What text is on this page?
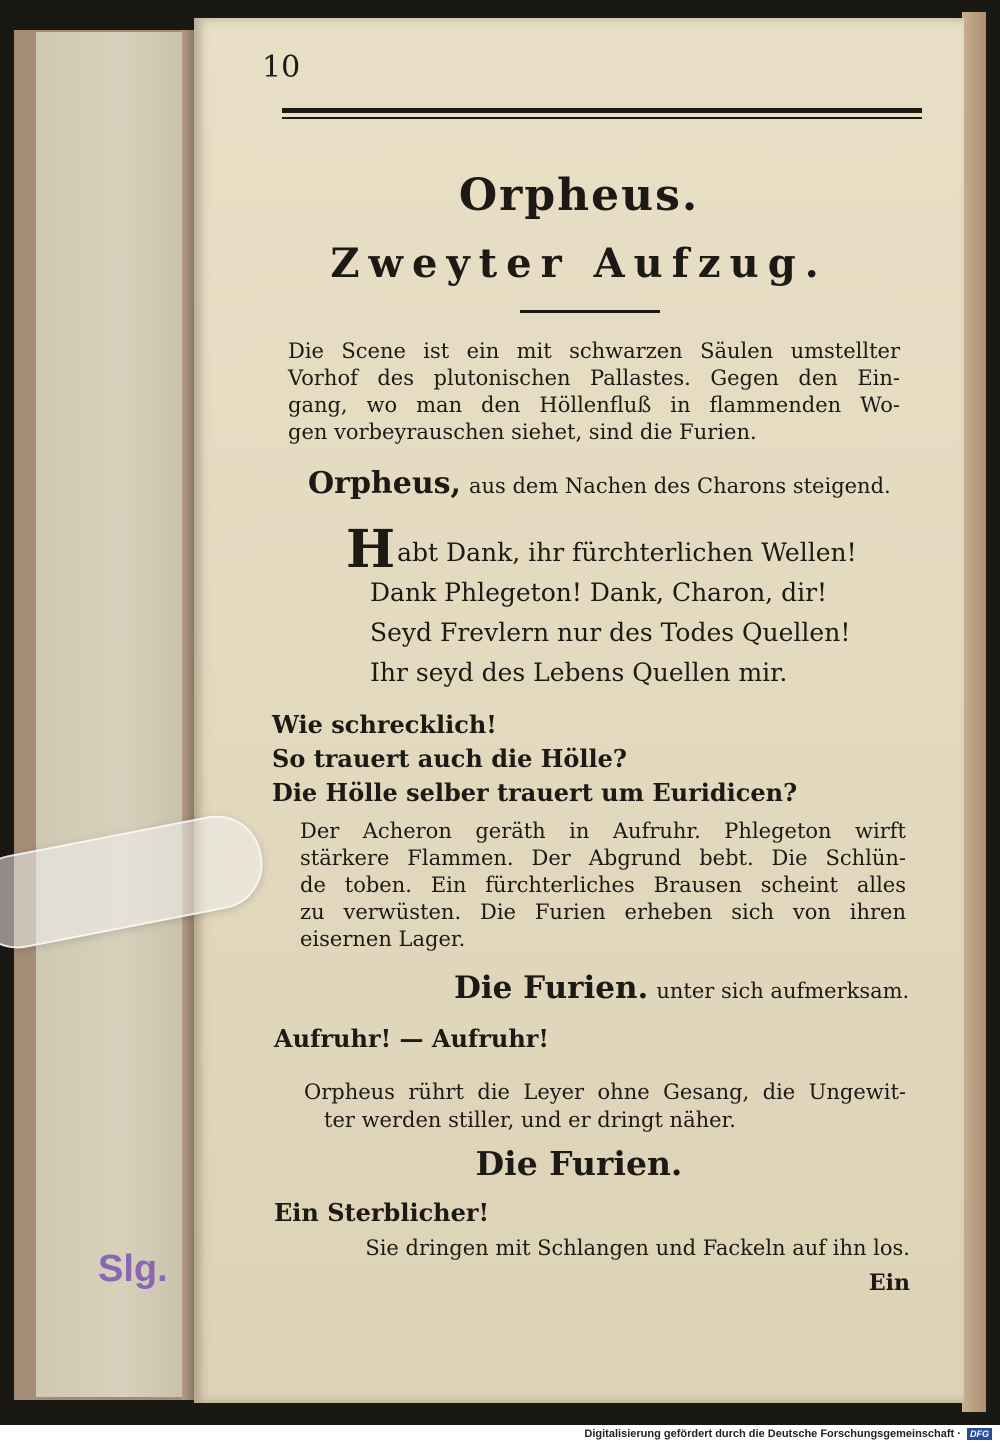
Slg.
10
Orpheus.
Zweyter Aufzug.
Die Scene ist ein mit schwarzen Säulen umstellter
Vorhof des plutonischen Pallastes. Gegen den Ein-
gang, wo man den Höllenfluß in flammenden Wo-
gen vorbeyrauschen siehet, sind die Furien.
Orpheus, aus dem Nachen des Charons steigend.
Habt Dank, ihr fürchterlichen Wellen!
Dank Phlegeton! Dank, Charon, dir!
Seyd Frevlern nur des Todes Quellen!
Ihr seyd des Lebens Quellen mir.
Wie schrecklich!
So trauert auch die Hölle?
Die Hölle selber trauert um Euridicen?
Der Acheron geräth in Aufruhr. Phlegeton wirft
stärkere Flammen. Der Abgrund bebt. Die Schlün-
de toben. Ein fürchterliches Brausen scheint alles
zu verwüsten. Die Furien erheben sich von ihren
eisernen Lager.
Die Furien. unter sich aufmerksam.
Aufruhr! — Aufruhr!
Orpheus rührt die Leyer ohne Gesang, die Ungewit-
ter werden stiller, und er dringt näher.
Die Furien.
Ein Sterblicher!
Sie dringen mit Schlangen und Fackeln auf ihn los.
Ein
Digitalisierung gefördert durch die Deutsche Forschungsgemeinschaft · DFG
